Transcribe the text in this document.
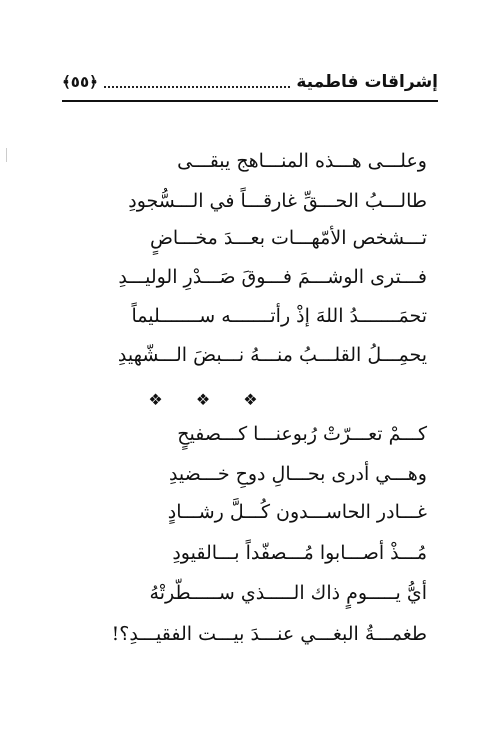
إشراقات فاطمية
﴿٥٥﴾
وعلـــى هـــذه المنـــاهج يبقـــى
طالـــبُ الحـــقِّ غارقـــاً في الـــسُّجودِ
تـــشخص الأمّهـــات بعـــدَ مخـــاضٍ
فـــترى الوشـــمَ فـــوقَ صَـــدْرِ الوليـــدِ
تحمَـــــــدُ اللهَ إذْ رأتـــــــه ســـــــليماً
يحمِـــلُ القلـــبُ منـــهُ نـــبضَ الـــشّهيدِ
❖ ❖ ❖
كـــمْ تعـــرّتْ رُبوعنـــا كـــصفيحٍ
وهـــي أدرى بحـــالِ دوحِ خـــضيدِ
غـــادر الحاســـدون كُـــلَّ رشـــادٍ
مُـــذْ أصـــابوا مُـــصفّداً بـــالقيودِ
أيُّ يـــــومٍ ذاك الـــــذي ســـــطّرتْهُ
طغمـــةُ البغـــي عنـــدَ بيـــت الفقيـــدِ؟!
